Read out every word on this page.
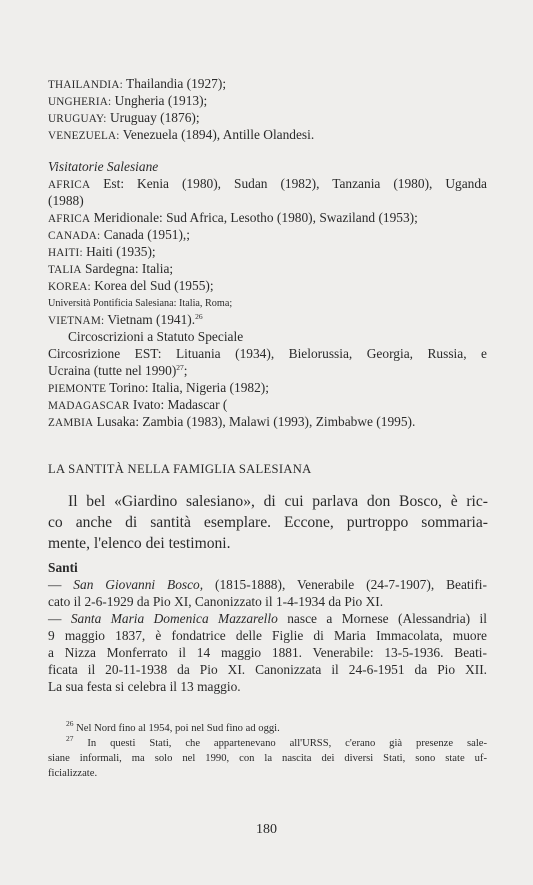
THAILANDIA: Thailandia (1927);
UNGHERIA: Ungheria (1913);
URUGUAY: Uruguay (1876);
VENEZUELA: Venezuela (1894), Antille Olandesi.
Visitatorie Salesiane
AFRICA Est: Kenia (1980), Sudan (1982), Tanzania (1980), Uganda
(1988)
AFRICA Meridionale: Sud Africa, Lesotho (1980), Swaziland (1953);
CANADA: Canada (1951),;
HAITI: Haiti (1935);
TALIA Sardegna: Italia;
KOREA: Korea del Sud (1955);
Università Pontificia Salesiana: Italia, Roma;
VIETNAM: Vietnam (1941).$^{26}$
Circoscrizioni a Statuto Speciale
Circosrizione EST: Lituania (1934), Bielorussia, Georgia, Russia, e
Ucraina (tutte nel 1990)$^{27}$;
PIEMONTE Torino: Italia, Nigeria (1982);
MADAGASCAR Ivato: Madascar (
ZAMBIA Lusaka: Zambia (1983), Malawi (1993), Zimbabwe (1995).
LA SANTITÀ NELLA FAMIGLIA SALESIANA
Il bel «Giardino salesiano», di cui parlava don Bosco, è ric-
co anche di santità esemplare. Eccone, purtroppo sommaria-
mente, l'elenco dei testimoni.
Santi
— San Giovanni Bosco, (1815-1888), Venerabile (24-7-1907), Beatifi-
cato il 2-6-1929 da Pio XI, Canonizzato il 1-4-1934 da Pio XI.
— Santa Maria Domenica Mazzarello nasce a Mornese (Alessandria) il
9 maggio 1837, è fondatrice delle Figlie di Maria Immacolata, muore
a Nizza Monferrato il 14 maggio 1881. Venerabile: 13-5-1936. Beati-
ficata il 20-11-1938 da Pio XI. Canonizzata il 24-6-1951 da Pio XII.
La sua festa si celebra il 13 maggio.
$^{26}$ Nel Nord fino al 1954, poi nel Sud fino ad oggi.
$^{27}$ In questi Stati, che appartenevano all'URSS, c'erano già presenze sale-
siane informali, ma solo nel 1990, con la nascita dei diversi Stati, sono state uf-
ficializzate.
180
